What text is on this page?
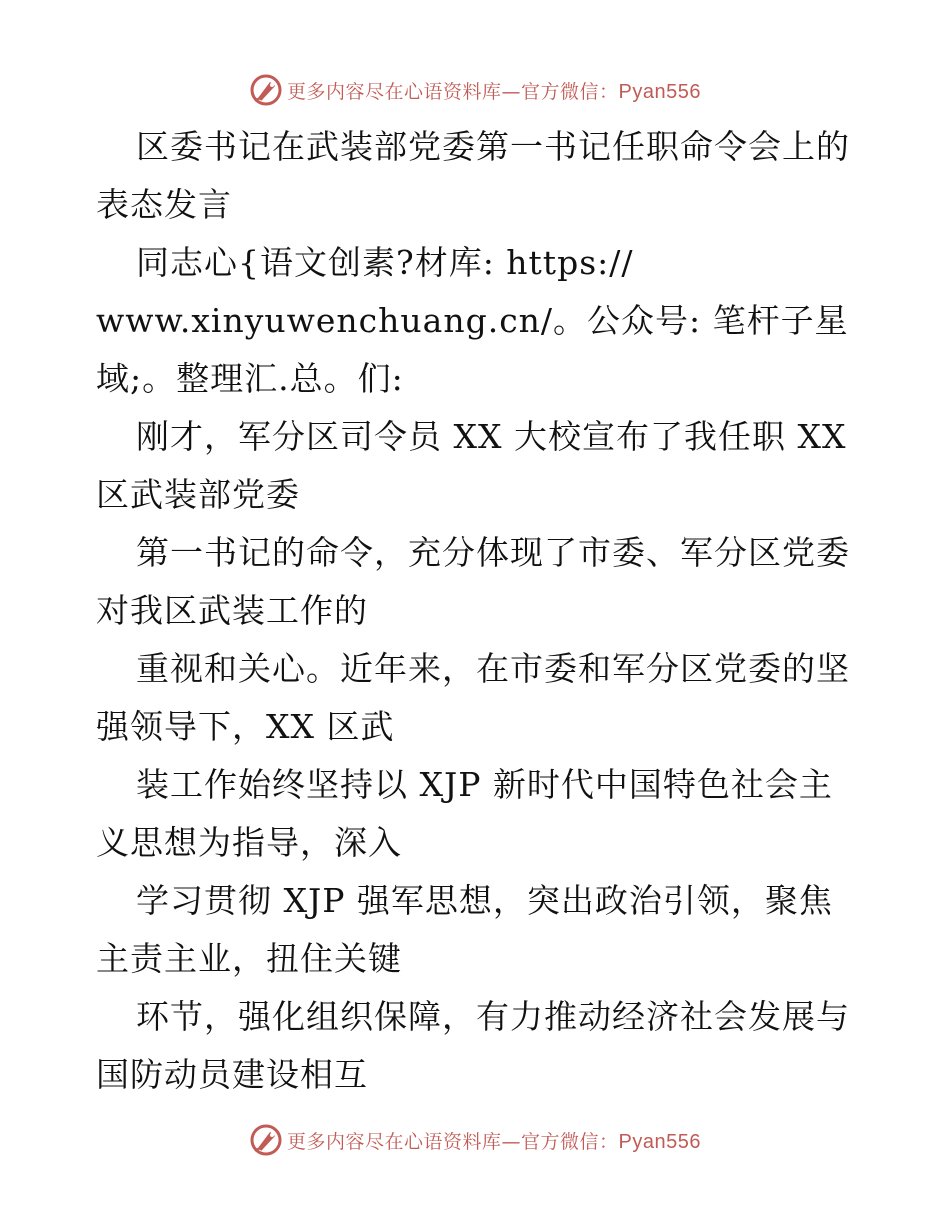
更多内容尽在心语资料库—官方微信：Pyan556
区委书记在武装部党委第一书记任职命令会上的
表态发言
同志心{语文创素?材库: https://
www.xinyuwenchuang.cn/。公众号: 笔杆子星
域;。整理汇.总。们:
刚才，军分区司令员 XX 大校宣布了我任职 XX
区武装部党委
第一书记的命令，充分体现了市委、军分区党委
对我区武装工作的
重视和关心。近年来，在市委和军分区党委的坚
强领导下，XX 区武
装工作始终坚持以 XJP 新时代中国特色社会主
义思想为指导，深入
学习贯彻 XJP 强军思想，突出政治引领，聚焦
主责主业，扭住关键
环节，强化组织保障，有力推动经济社会发展与
国防动员建设相互
更多内容尽在心语资料库—官方微信：Pyan556
